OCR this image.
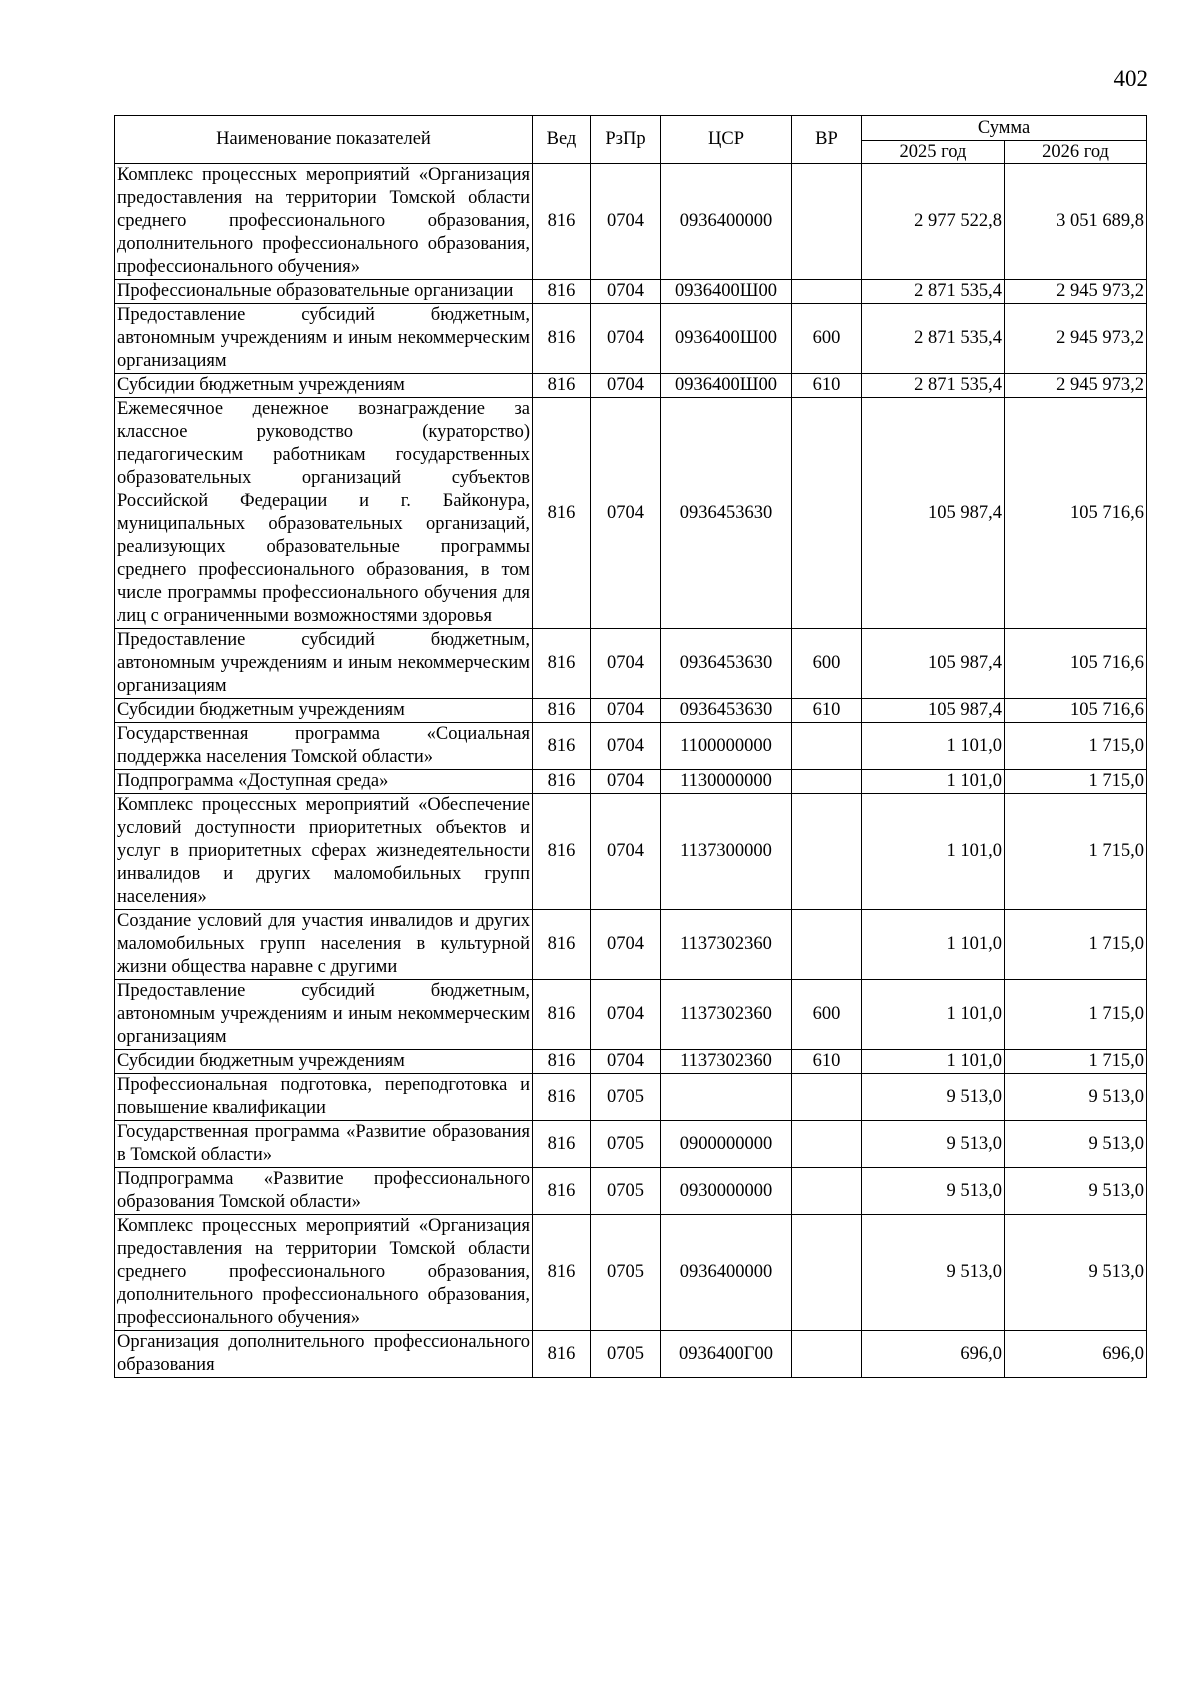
402
Наименование показателей	Вед	РзПр	ЦСР	ВР	Сумма	
					2025 год	2026 год
Комплекс процессных мероприятий «Организация предоставления на территории Томской области среднего профессионального образования, дополнительного профессионального образования, профессионального обучения»	816	0704	0936400000		2 977 522,8	3 051 689,8
Профессиональные образовательные организации	816	0704	0936400Ш00		2 871 535,4	2 945 973,2
Предоставление субсидий бюджетным, автономным учреждениям и иным некоммерческим организациям	816	0704	0936400Ш00	600	2 871 535,4	2 945 973,2
Субсидии бюджетным учреждениям	816	0704	0936400Ш00	610	2 871 535,4	2 945 973,2
Ежемесячное денежное вознаграждение за классное руководство (кураторство) педагогическим работникам государственных образовательных организаций субъектов Российской Федерации и г. Байконура, муниципальных образовательных организаций, реализующих образовательные программы среднего профессионального образования, в том числе программы профессионального обучения для лиц с ограниченными возможностями здоровья	816	0704	0936453630		105 987,4	105 716,6
Предоставление субсидий бюджетным, автономным учреждениям и иным некоммерческим организациям	816	0704	0936453630	600	105 987,4	105 716,6
Субсидии бюджетным учреждениям	816	0704	0936453630	610	105 987,4	105 716,6
Государственная программа «Социальная поддержка населения Томской области»	816	0704	1100000000		1 101,0	1 715,0
Подпрограмма «Доступная среда»	816	0704	1130000000		1 101,0	1 715,0
Комплекс процессных мероприятий «Обеспечение условий доступности приоритетных объектов и услуг в приоритетных сферах жизнедеятельности инвалидов и других маломобильных групп населения»	816	0704	1137300000		1 101,0	1 715,0
Создание условий для участия инвалидов и других маломобильных групп населения в культурной жизни общества наравне с другими	816	0704	1137302360		1 101,0	1 715,0
Предоставление субсидий бюджетным, автономным учреждениям и иным некоммерческим организациям	816	0704	1137302360	600	1 101,0	1 715,0
Субсидии бюджетным учреждениям	816	0704	1137302360	610	1 101,0	1 715,0
Профессиональная подготовка, переподготовка и повышение квалификации	816	0705			9 513,0	9 513,0
Государственная программа «Развитие образования в Томской области»	816	0705	0900000000		9 513,0	9 513,0
Подпрограмма «Развитие профессионального образования Томской области»	816	0705	0930000000		9 513,0	9 513,0
Комплекс процессных мероприятий «Организация предоставления на территории Томской области среднего профессионального образования, дополнительного профессионального образования, профессионального обучения»	816	0705	0936400000		9 513,0	9 513,0
Организация дополнительного профессионального образования	816	0705	0936400Г00		696,0	696,0
